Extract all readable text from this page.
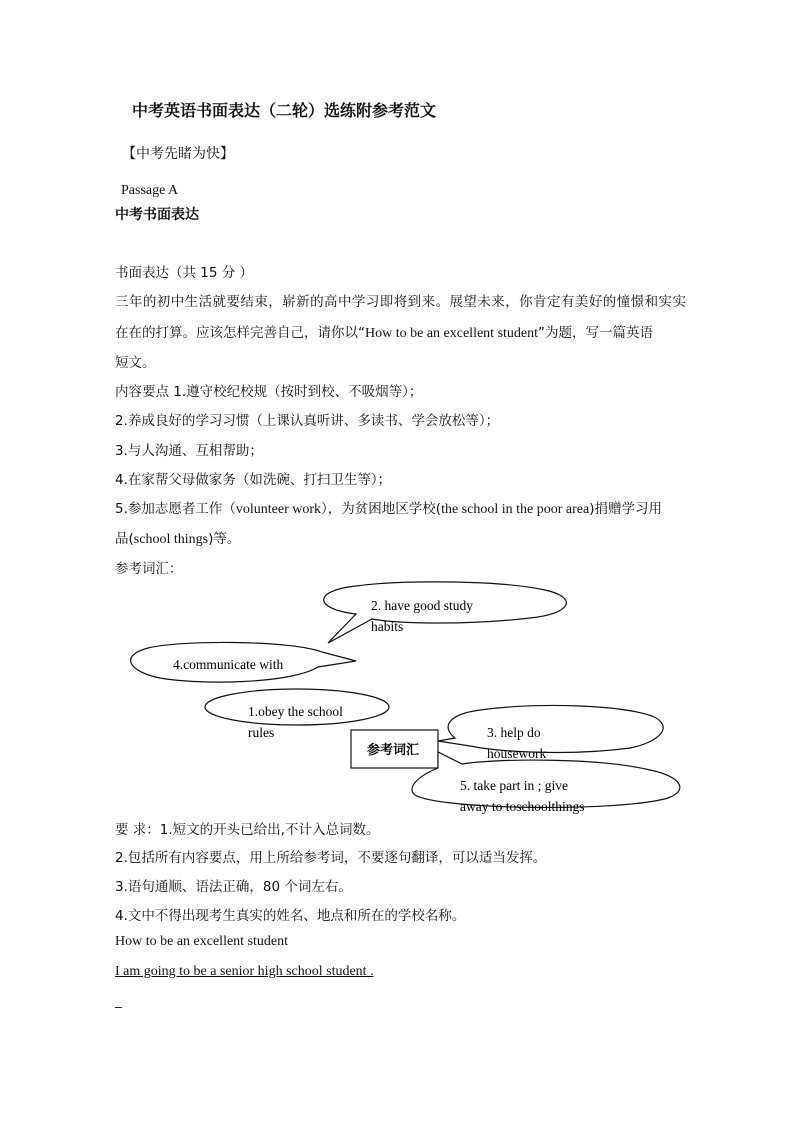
中考英语书面表达（二轮）选练附参考范文
【中考先睹为快】
Passage A
中考书面表达
书面表达（共 15 分 ）
三年的初中生活就要结束，崭新的高中学习即将到来。展望未来，你肯定有美好的憧憬和实实
在在的打算。应该怎样完善自己，请你以“How to be an excellent student”为题，写一篇英语
短文。
内容要点 1.遵守校纪校规（按时到校、不吸烟等）；
2.养成良好的学习习惯（上课认真听讲、多读书、学会放松等）；
3.与人沟通、互相帮助；
4.在家帮父母做家务（如洗碗、打扫卫生等）；
5.参加志愿者工作（volunteer work），为贫困地区学校(the school in the poor area)捐赠学习用
品(school things)等。
参考词汇：
2. have good study
habits
4.communicate with
1.obey the school
rules
参考词汇
3. help do
housework
5. take part in ; give
away to toschoolthings
要 求：1.短文的开头已给出,不计入总词数。
2.包括所有内容要点，用上所给参考词，不要逐句翻译，可以适当发挥。
3.语句通顺、语法正确，80 个词左右。
4.文中不得出现考生真实的姓名、地点和所在的学校名称。
How to be an excellent student
I am going to be a senior high school student .
_
